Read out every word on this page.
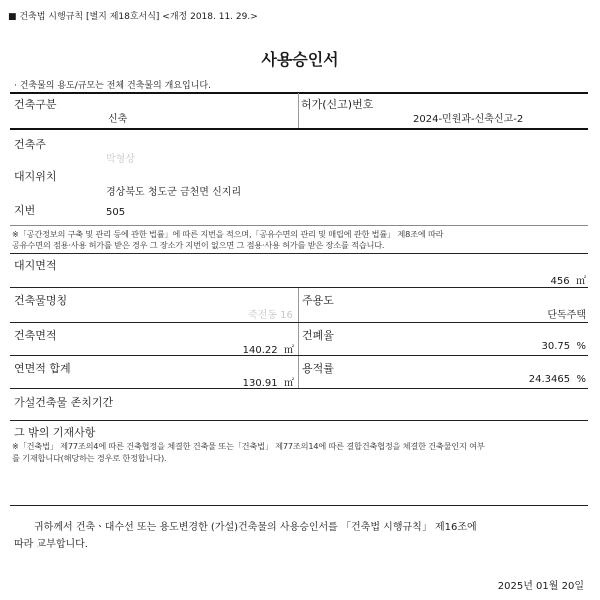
■ 건축법 시행규칙 [별지 제18호서식] <개정 2018. 11. 29.>
사용승인서
· 건축물의 용도/규모는 전체 건축물의 개요입니다.
건축구분
신축
허가(신고)번호
2024-민원과-신축신고-2
건축주
박형상
대지위치
경상북도 청도군 금천면 신지리
지번	505
※「공간정보의 구축 및 관리 등에 관한 법률」에 따른 지번을 적으며,「공유수면의 관리 및 매립에 관한 법률」 제8조에 따라
공유수면의 점용·사용 허가를 받은 경우 그 장소가 지번이 없으면 그 점용·사용 허가를 받은 장소를 적습니다.
대지면적
456 ㎡
건축물명칭
죽전동 16
주용도
단독주택
건축면적
140.22 ㎡
건폐율
30.75 %
연면적 합계
130.91 ㎡
용적률
24.3465 %
가설건축물 존치기간
그 밖의 기재사항
※「건축법」 제77조의4에 따른 건축협정을 체결한 건축물 또는「건축법」 제77조의14에 따른 결합건축협정을 체결한 건축물인지 여부
를 기재합니다(해당하는 경우로 한정합니다).
귀하께서 건축ㆍ대수선 또는 용도변경한 (가설)건축물의 사용승인서를 「건축법 시행규칙」 제16조에
따라 교부합니다.
2025년 01월 20일
